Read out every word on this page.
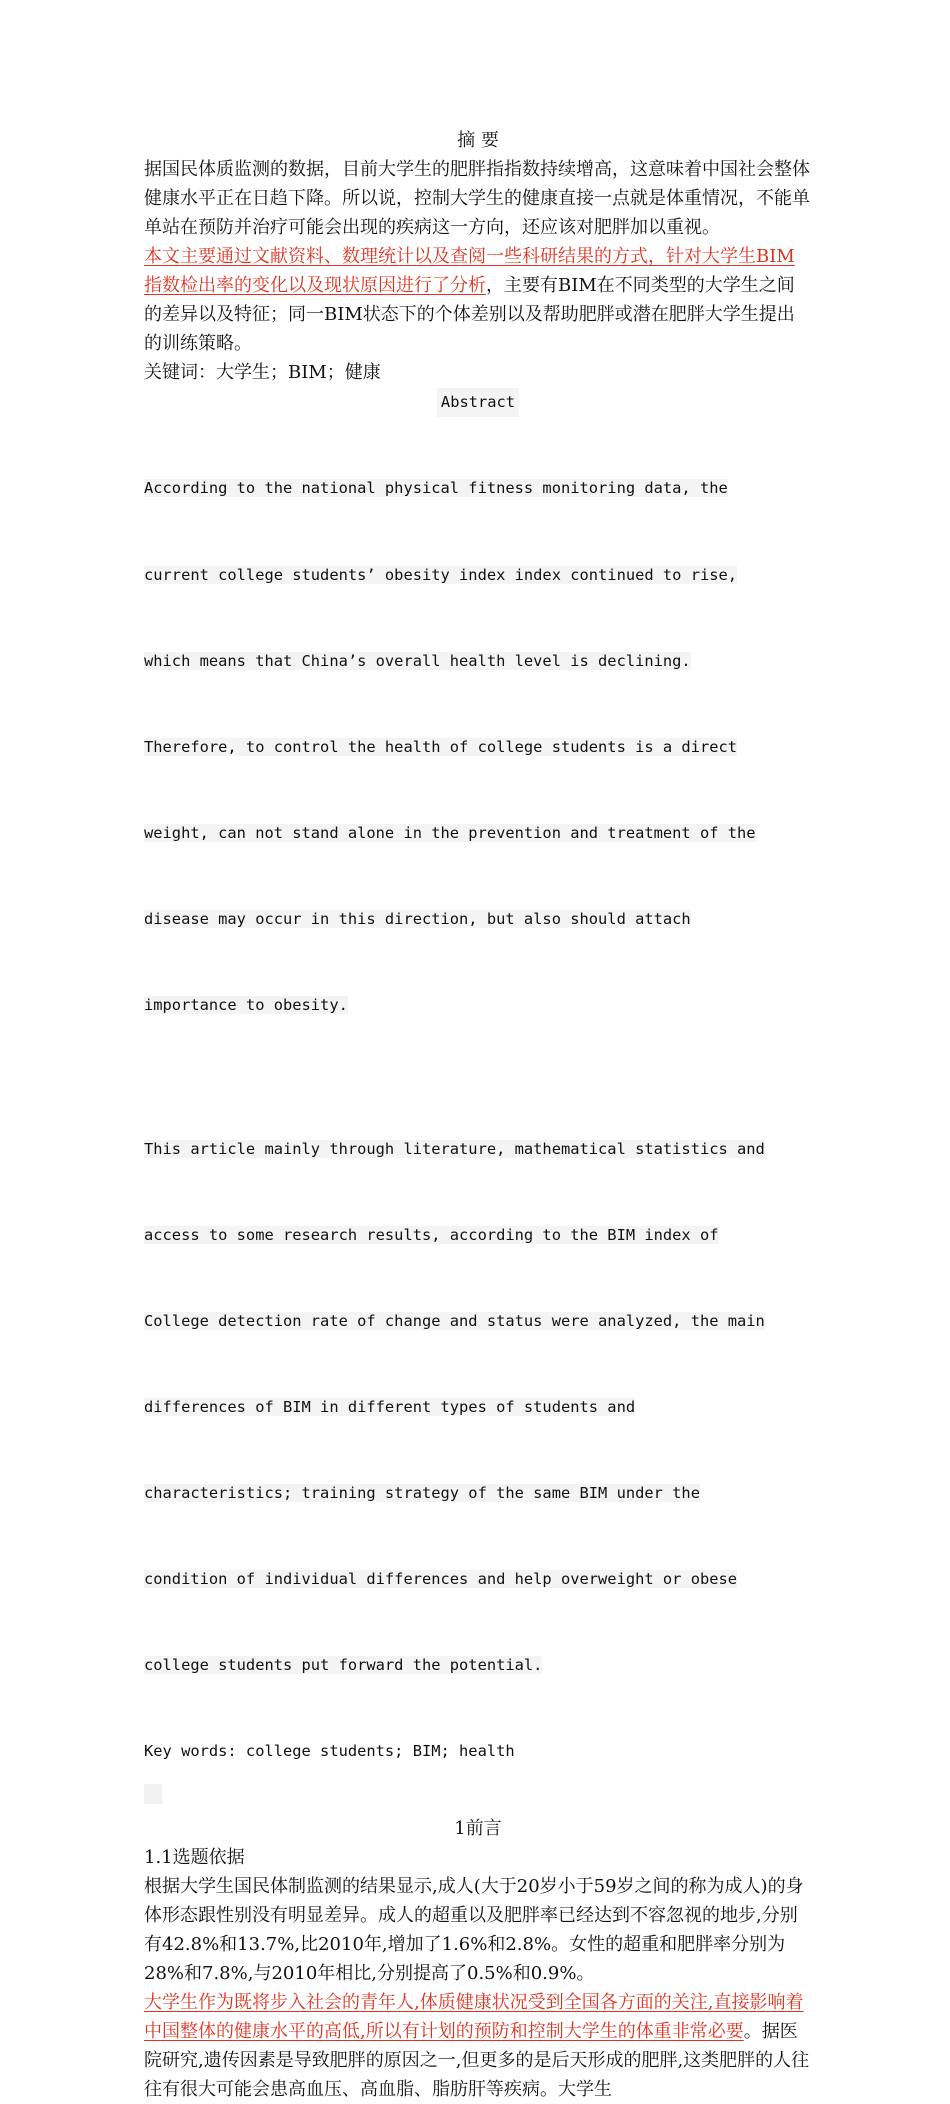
摘 要

据国民体质监测的数据，目前大学生的肥胖指指数持续增高，这意味着中国社会整体健康水平正在日趋下降。所以说，控制大学生的健康直接一点就是体重情况，不能单单站在预防并治疗可能会出现的疾病这一方向，还应该对肥胖加以重视。

本文主要通过文献资料、数理统计以及查阅一些科研结果的方式，针对大学生BIM指数检出率的变化以及现状原因进行了分析，主要有BIM在不同类型的大学生之间的差异以及特征；同一BIM状态下的个体差别以及帮助肥胖或潜在肥胖大学生提出的训练策略。

关键词：大学生；BIM；健康

Abstract

According to the national physical fitness monitoring data, the

current college students’ obesity index index continued to rise,

which means that China’s overall health level is declining.

Therefore, to control the health of college students is a direct

weight, can not stand alone in the prevention and treatment of the

disease may occur in this direction, but also should attach

importance to obesity.

This article mainly through literature, mathematical statistics and

access to some research results, according to the BIM index of

College detection rate of change and status were analyzed, the main

differences of BIM in different types of students and

characteristics; training strategy of the same BIM under the

condition of individual differences and help overweight or obese

college students put forward the potential.

Key words: college students; BIM; health
1前言

1.1选题依据

根据大学生国民体制监测的结果显示,成人(大于20岁小于59岁之间的称为成人)的身体形态跟性别没有明显差异。成人的超重以及肥胖率已经达到不容忽视的地步,分别有42.8%和13.7%,比2010年,增加了1.6%和2.8%。女性的超重和肥胖率分别为28%和7.8%,与2010年相比,分别提高了0.5%和0.9%。

大学生作为既将步入社会的青年人,体质健康状况受到全国各方面的关注,直接影响着中国整体的健康水平的高低,所以有计划的预防和控制大学生的体重非常必要。据医院研究,遗传因素是导致肥胖的原因之一,但更多的是后天形成的肥胖,这类肥胖的人往往有很大可能会患高血压、高血脂、脂肪肝等疾病。大学生
